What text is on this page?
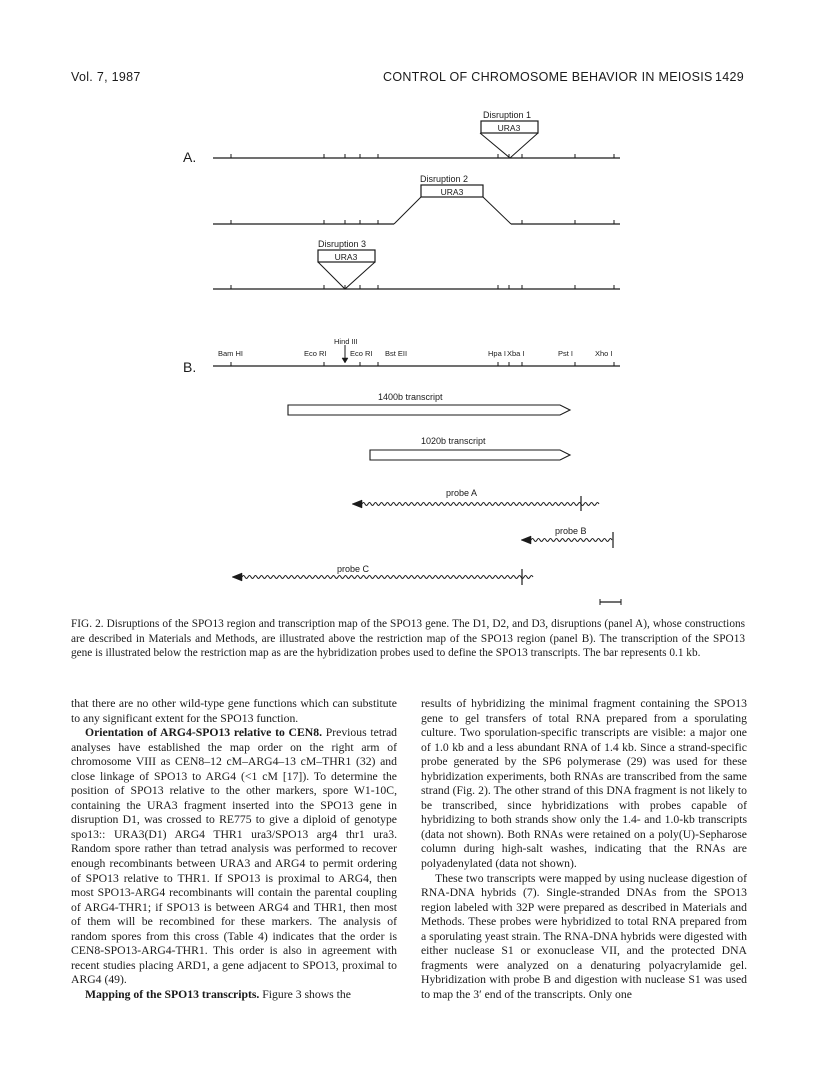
Vol. 7, 1987	CONTROL OF CHROMOSOME BEHAVIOR IN MEIOSIS 1429
A.
URA3
Disruption 1
URA3
Disruption 2
URA3
Disruption 3
B.
Bam HI	Eco RI
Hind III
Eco RI Bst EII	Hpa I Xba I	Pst I	Xho I
1400b transcript
1020b transcript
probe A
probe B
probe C
FIG. 2. Disruptions of the SPO13 region and transcription map of the SPO13 gene. The D1, D2, and D3, disruptions (panel A), whose constructions are described in Materials and Methods, are illustrated above the restriction map of the SPO13 region (panel B). The transcription of the SPO13 gene is illustrated below the restriction map as are the hybridization probes used to define the SPO13 transcripts. The bar represents 0.1 kb.

that there are no other wild-type gene functions which can substitute to any significant extent for the SPO13 function.

Orientation of ARG4-SPO13 relative to CEN8. Previous tetrad analyses have established the map order on the right arm of chromosome VIII as CEN8–12 cM–ARG4–13 cM–THR1 (32) and close linkage of SPO13 to ARG4 (<1 cM [17]). To determine the position of SPO13 relative to the other markers, spore W1-10C, containing the URA3 fragment inserted into the SPO13 gene in disruption D1, was crossed to RE775 to give a diploid of genotype spo13:: URA3(D1) ARG4 THR1 ura3/SPO13 arg4 thr1 ura3. Random spore rather than tetrad analysis was performed to recover enough recombinants between URA3 and ARG4 to permit ordering of SPO13 relative to THR1. If SPO13 is proximal to ARG4, then most SPO13-ARG4 recombinants will contain the parental coupling of ARG4-THR1; if SPO13 is between ARG4 and THR1, then most of them will be recombined for these markers. The analysis of random spores from this cross (Table 4) indicates that the order is CEN8-SPO13-ARG4-THR1. This order is also in agreement with recent studies placing ARD1, a gene adjacent to SPO13, proximal to ARG4 (49).

Mapping of the SPO13 transcripts. Figure 3 shows the

results of hybridizing the minimal fragment containing the SPO13 gene to gel transfers of total RNA prepared from a sporulating culture. Two sporulation-specific transcripts are visible: a major one of 1.0 kb and a less abundant RNA of 1.4 kb. Since a strand-specific probe generated by the SP6 polymerase (29) was used for these hybridization experiments, both RNAs are transcribed from the same strand (Fig. 2). The other strand of this DNA fragment is not likely to be transcribed, since hybridizations with probes capable of hybridizing to both strands show only the 1.4- and 1.0-kb transcripts (data not shown). Both RNAs were retained on a poly(U)-Sepharose column during high-salt washes, indicating that the RNAs are polyadenylated (data not shown).

These two transcripts were mapped by using nuclease digestion of RNA-DNA hybrids (7). Single-stranded DNAs from the SPO13 region labeled with 32P were prepared as described in Materials and Methods. These probes were hybridized to total RNA prepared from a sporulating yeast strain. The RNA-DNA hybrids were digested with either nuclease S1 or exonuclease VII, and the protected DNA fragments were analyzed on a denaturing polyacrylamide gel. Hybridization with probe B and digestion with nuclease S1 was used to map the 3′ end of the transcripts. Only one
